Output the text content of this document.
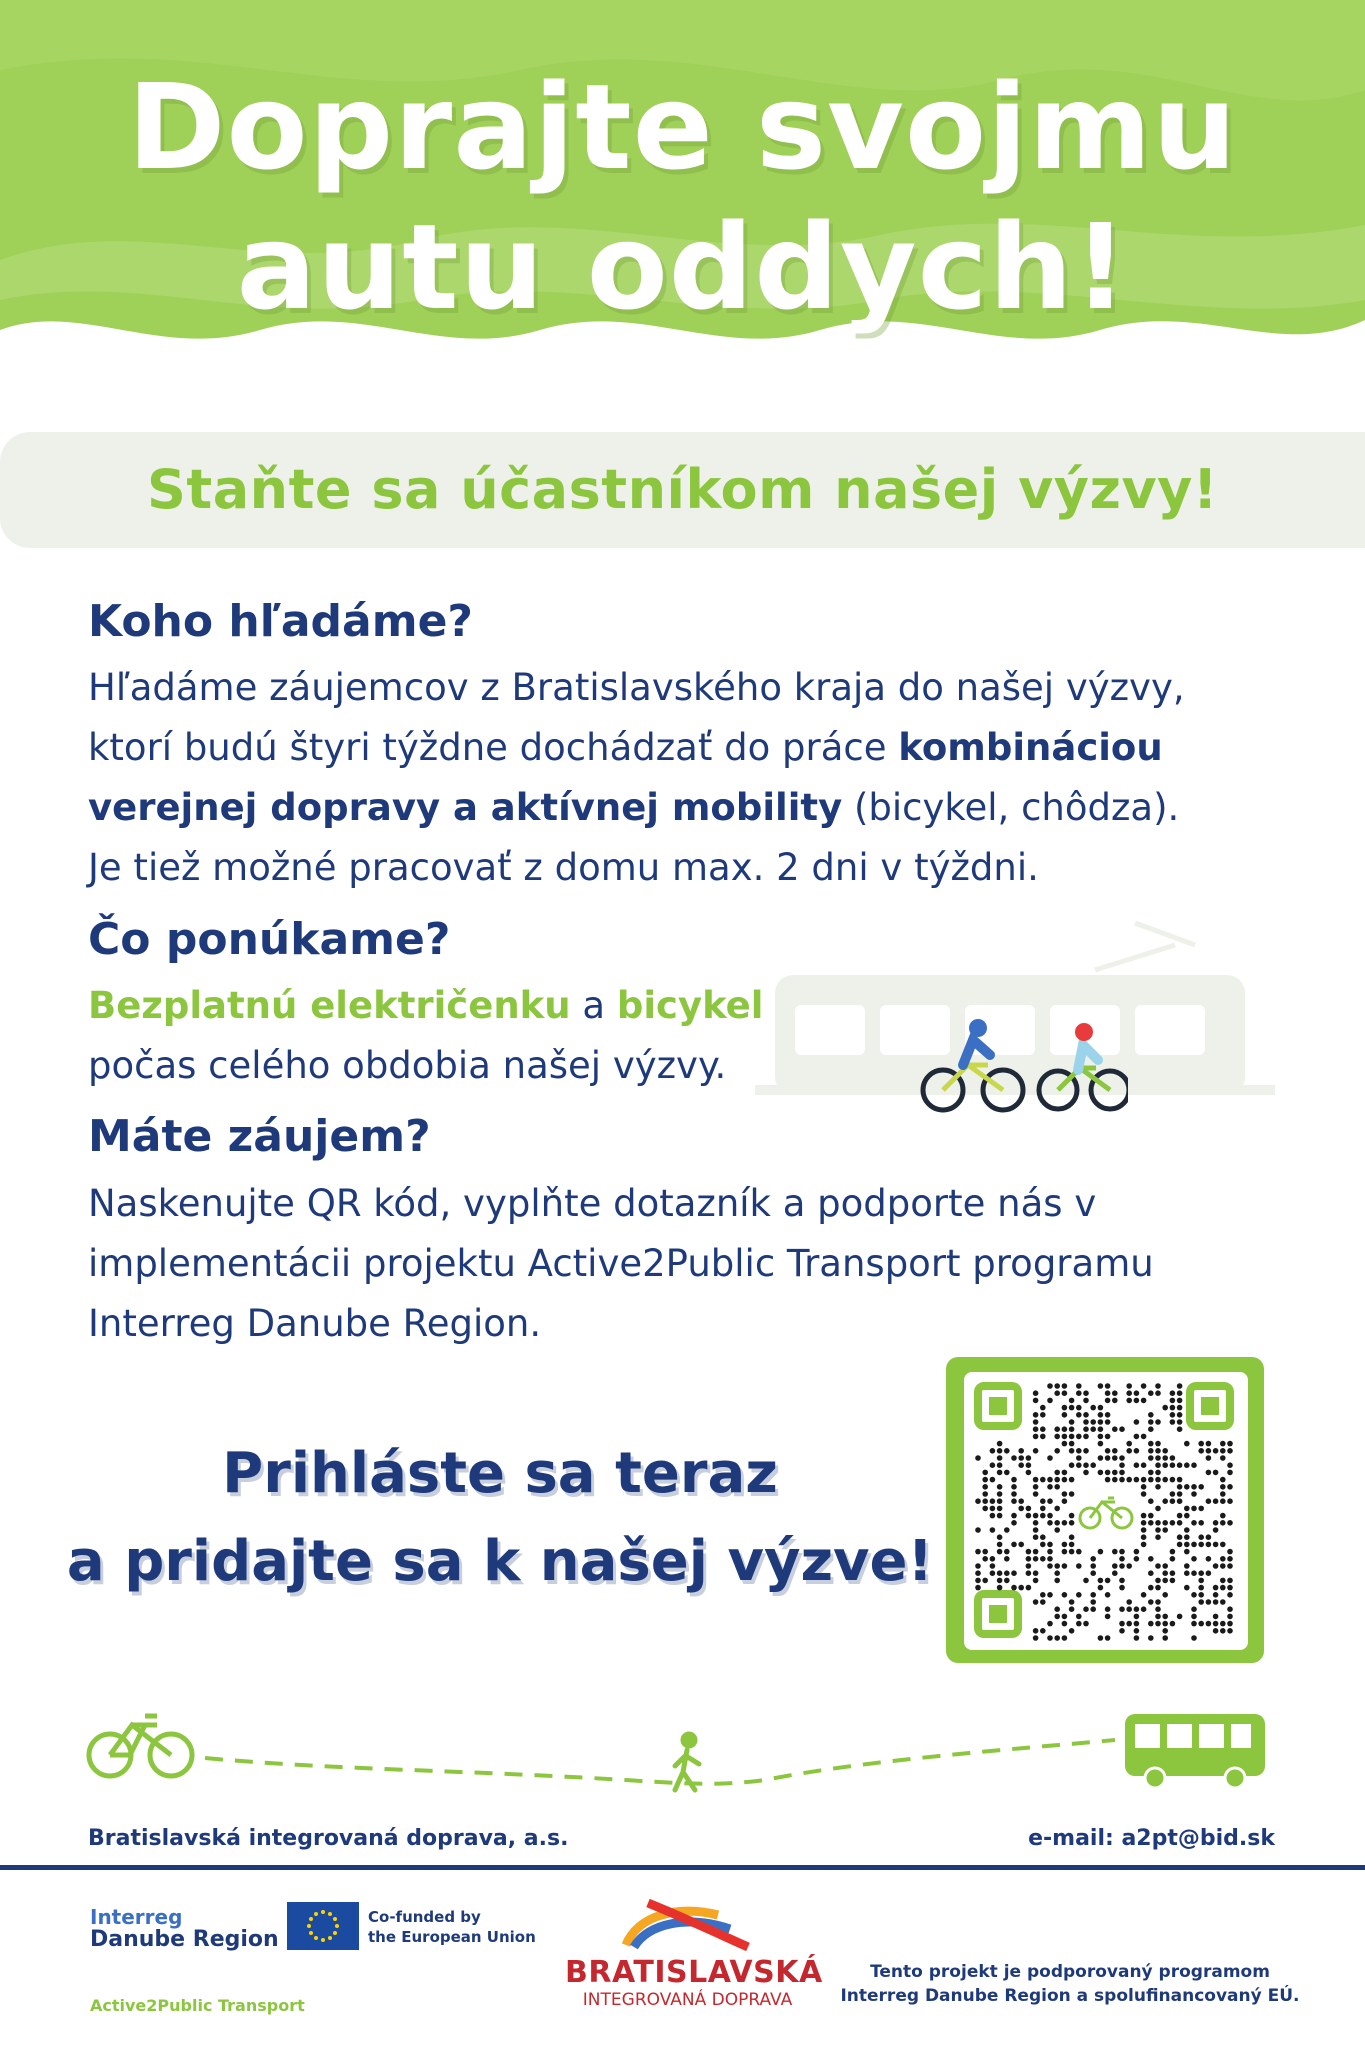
Doprajte svojmu
autu oddych!
Staňte sa účastníkom našej výzvy!
Koho hľadáme?
Hľadáme záujemcov z Bratislavského kraja do našej výzvy, ktorí budú štyri týždne dochádzať do práce kombináciou verejnej dopravy a aktívnej mobility (bicykel, chôdza). Je tiež možné pracovať z domu max. 2 dni v týždni.
Čo ponúkame?
Bezplatnú električenku a bicykel
počas celého obdobia našej výzvy.
Máte záujem?
Naskenujte QR kód, vyplňte dotazník a podporte nás v implementácii projektu Active2Public Transport programu Interreg Danube Region.
Prihláste sa teraz
a pridajte sa k našej výzve!
Bratislavská integrovaná doprava, a.s.	e-mail: a2pt@bid.sk
Interreg
Danube Region
Active2Public Transport
Co-funded by
the European Union
BRATISLAVSKÁ
INTEGROVANÁ DOPRAVA
Tento projekt je podporovaný programom
Interreg Danube Region a spolufinancovaný EÚ.
